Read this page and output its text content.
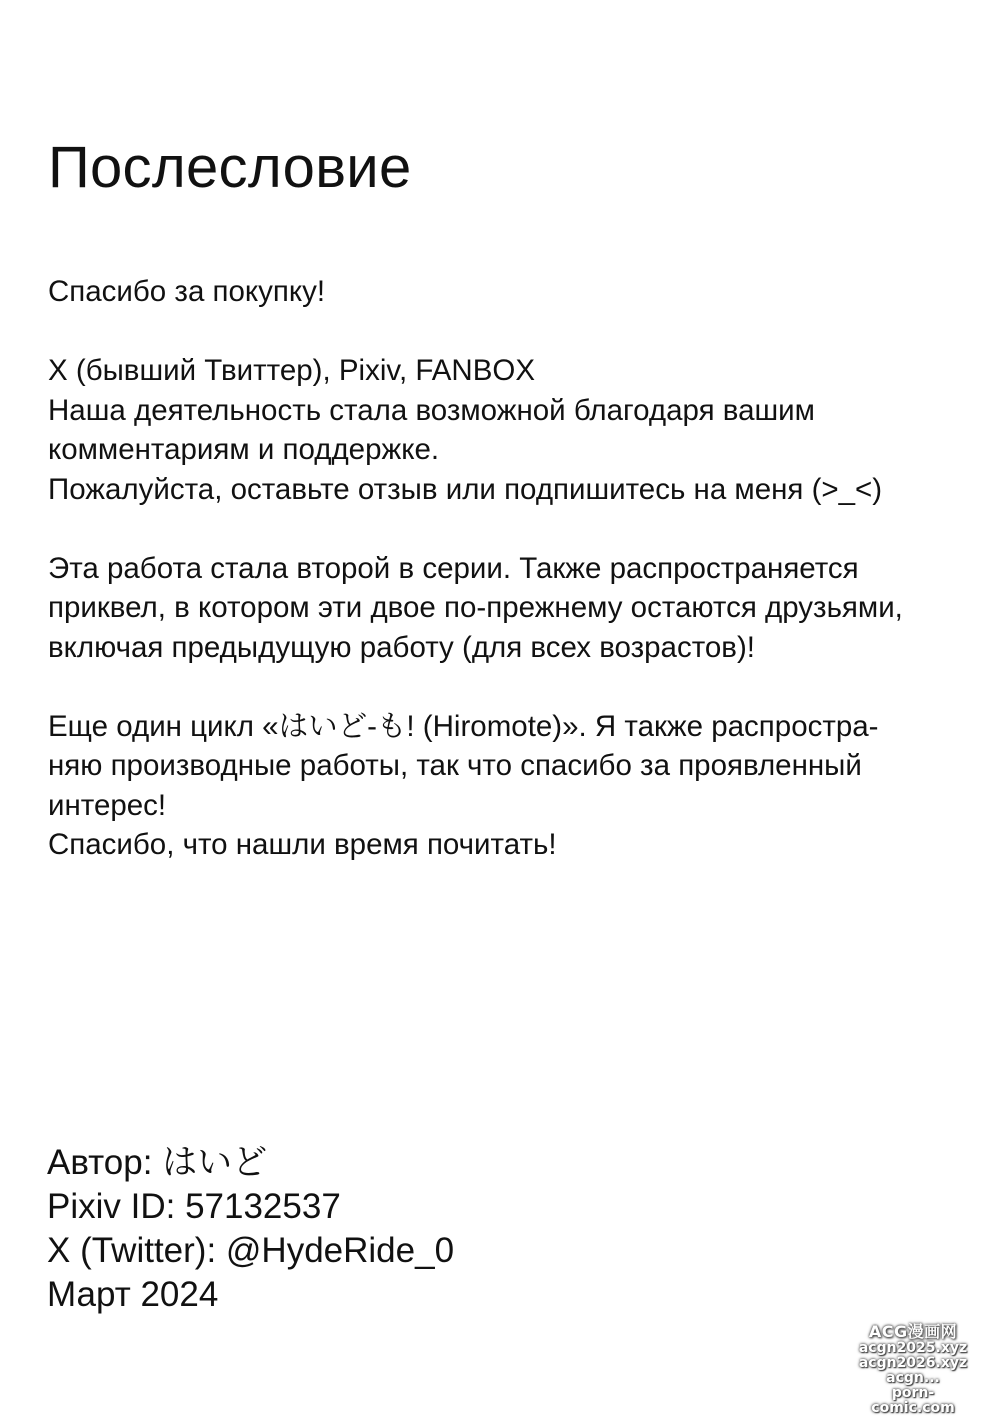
Послесловие
Спасибо за покупку!
X (бывший Твиттер), Pixiv, FANBOX
Наша деятельность стала возможной благодаря вашим
комментариям и поддержке.
Пожалуйста, оставьте отзыв или подпишитесь на меня (>_<)
Эта работа стала второй в серии. Также распространяется
приквел, в котором эти двое по-прежнему остаются друзьями,
включая предыдущую работу (для всех возрастов)!
Еще один цикл «はいど-も! (Hiromote)». Я также распростра-
няю производные работы, так что спасибо за проявленный
интерес!
Спасибо, что нашли время почитать!
Автор: はいど
Pixiv ID: 57132537
X (Twitter): @HydeRide_0
Март 2024
ACG漫画网
acgn2025.xyz
acgn2026.xyz
acgn...
porn-comic.com
